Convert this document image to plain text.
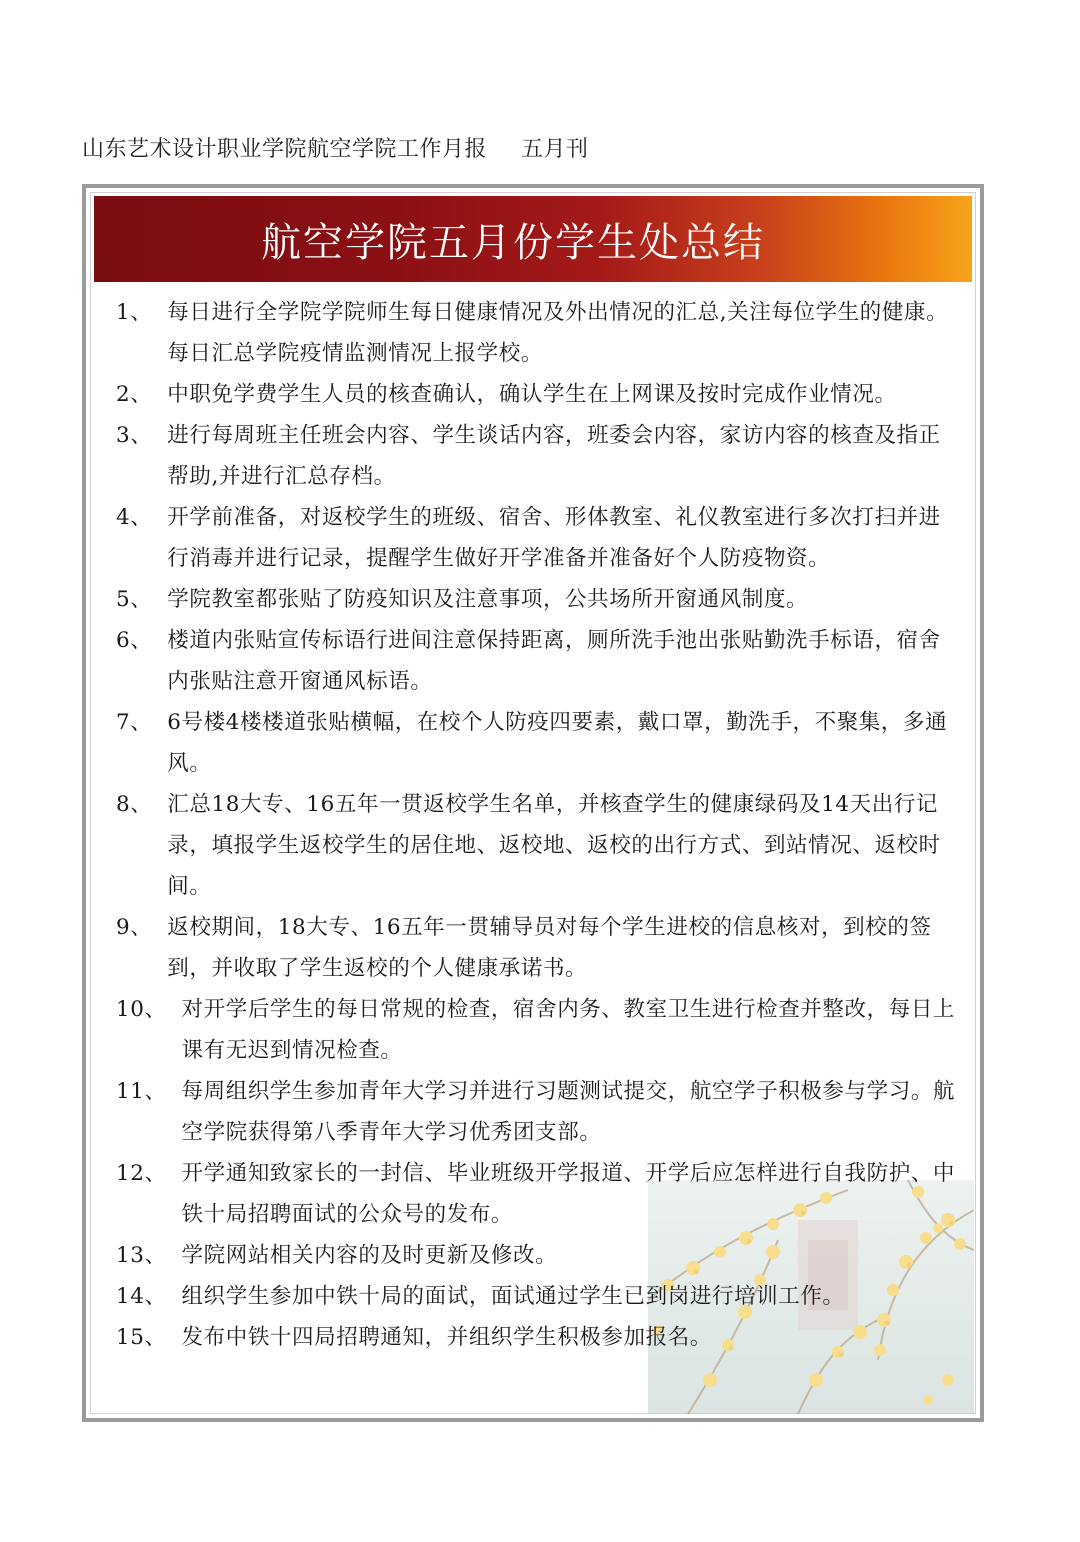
山东艺术设计职业学院航空学院工作月报 五月刊
航空学院五月份学生处总结
1、 每日进行全学院学院师生每日健康情况及外出情况的汇总,关注每位学生的健康。每日汇总学院疫情监测情况上报学校。
2、 中职免学费学生人员的核查确认，确认学生在上网课及按时完成作业情况。
3、 进行每周班主任班会内容、学生谈话内容，班委会内容，家访内容的核查及指正帮助,并进行汇总存档。
4、 开学前准备，对返校学生的班级、宿舍、形体教室、礼仪教室进行多次打扫并进行消毒并进行记录，提醒学生做好开学准备并准备好个人防疫物资。
5、 学院教室都张贴了防疫知识及注意事项，公共场所开窗通风制度。
6、 楼道内张贴宣传标语行进间注意保持距离，厕所洗手池出张贴勤洗手标语，宿舍内张贴注意开窗通风标语。
7、 6号楼4楼楼道张贴横幅，在校个人防疫四要素，戴口罩，勤洗手，不聚集，多通风。
8、 汇总18大专、16五年一贯返校学生名单，并核查学生的健康绿码及14天出行记录，填报学生返校学生的居住地、返校地、返校的出行方式、到站情况、返校时间。
9、 返校期间，18大专、16五年一贯辅导员对每个学生进校的信息核对，到校的签到，并收取了学生返校的个人健康承诺书。
10、 对开学后学生的每日常规的检查，宿舍内务、教室卫生进行检查并整改，每日上课有无迟到情况检查。
11、 每周组织学生参加青年大学习并进行习题测试提交，航空学子积极参与学习。航空学院获得第八季青年大学习优秀团支部。
12、 开学通知致家长的一封信、毕业班级开学报道、开学后应怎样进行自我防护、中铁十局招聘面试的公众号的发布。
13、 学院网站相关内容的及时更新及修改。
14、 组织学生参加中铁十局的面试，面试通过学生已到岗进行培训工作。
15、 发布中铁十四局招聘通知，并组织学生积极参加报名。
